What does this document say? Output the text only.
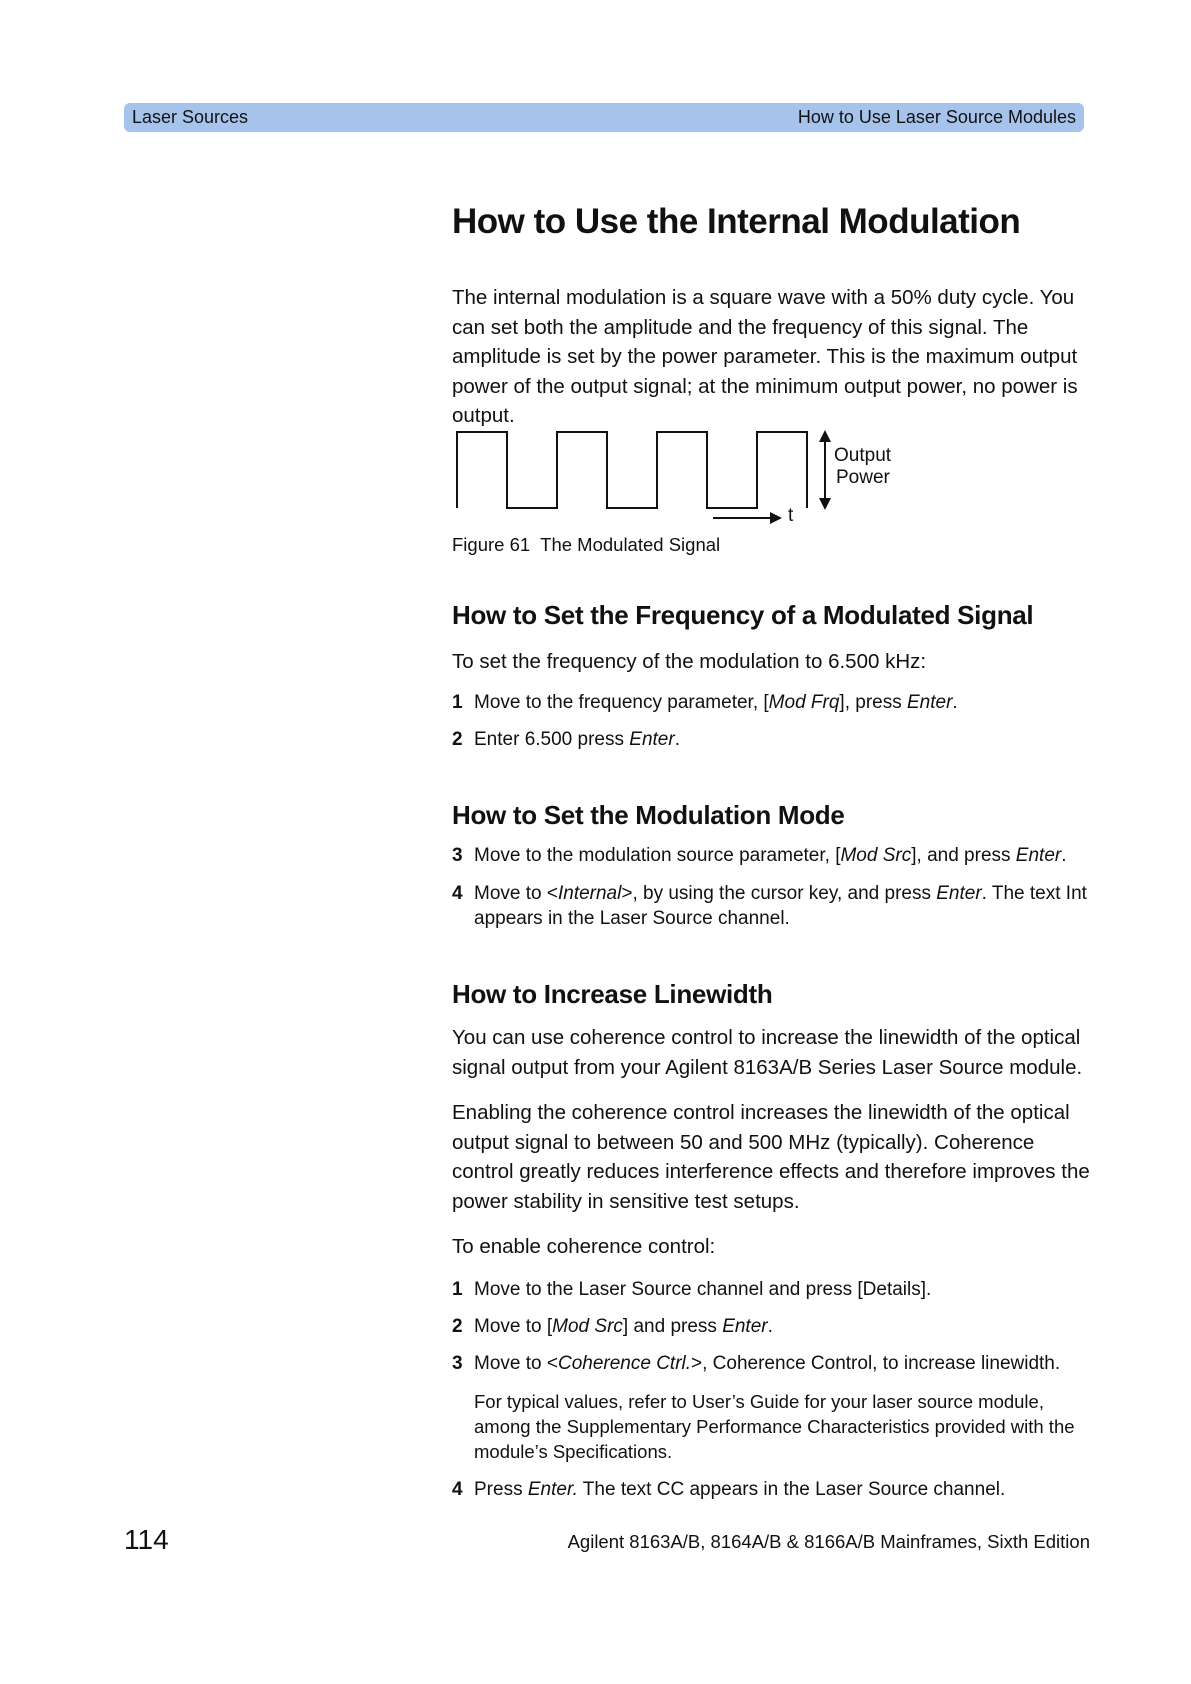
Laser Sources	How to Use Laser Source Modules
How to Use the Internal Modulation

The internal modulation is a square wave with a 50% duty cycle. You can set both the amplitude and the frequency of this signal. The amplitude is set by the power parameter. This is the maximum output power of the output signal; at the minimum output power, no power is output.

Output
Power
t
Figure 61 The Modulated Signal
How to Set the Frequency of a Modulated Signal

To set the frequency of the modulation to 6.500 kHz:

1 Move to the frequency parameter, [Mod Frq], press Enter.
2 Enter 6.500 press Enter.
How to Set the Modulation Mode
3 Move to the modulation source parameter, [Mod Src], and press Enter.
4 Move to <Internal>, by using the cursor key, and press Enter. The text Int appears in the Laser Source channel.
How to Increase Linewidth

You can use coherence control to increase the linewidth of the optical signal output from your Agilent 8163A/B Series Laser Source module.

Enabling the coherence control increases the linewidth of the optical output signal to between 50 and 500 MHz (typically). Coherence control greatly reduces interference effects and therefore improves the power stability in sensitive test setups.

To enable coherence control:

1 Move to the Laser Source channel and press [Details].
2 Move to [Mod Src] and press Enter.
3 Move to <Coherence Ctrl.>, Coherence Control, to increase linewidth.
For typical values, refer to User’s Guide for your laser source module, among the Supplementary Performance Characteristics provided with the module’s Specifications.
4 Press Enter. The text CC appears in the Laser Source channel.
114	Agilent 8163A/B, 8164A/B & 8166A/B Mainframes, Sixth Edition
